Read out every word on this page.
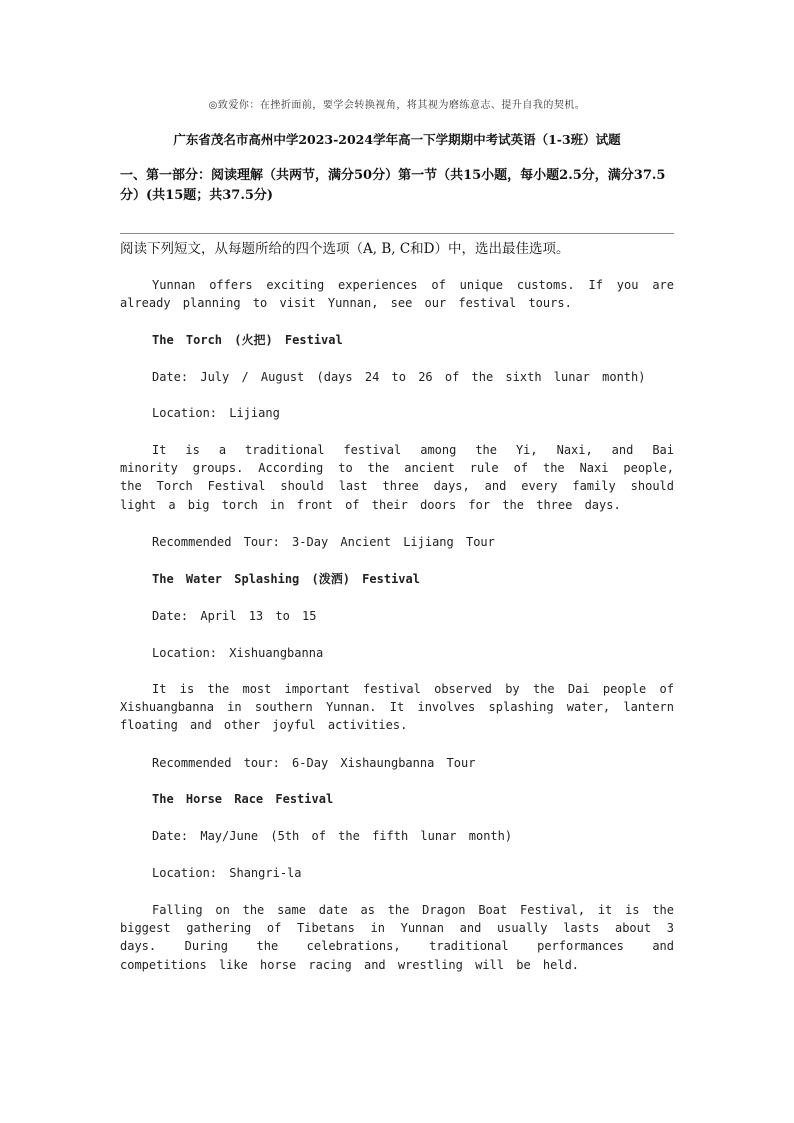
◎致爱你：在挫折面前，要学会转换视角，将其视为磨练意志、提升自我的契机。
广东省茂名市高州中学2023-2024学年高一下学期期中考试英语（1-3班）试题
一、第一部分：阅读理解（共两节，满分50分）第一节（共15小题，每小题2.5分，满分37.5分）(共15题；共37.5分)
阅读下列短文，从每题所给的四个选项（A, B, C和D）中，选出最佳选项。

Yunnan offers exciting experiences of unique customs. If you are already planning to visit Yunnan, see our festival tours.

The Torch (火把) Festival

Date: July / August (days 24 to 26 of the sixth lunar month)

Location: Lijiang

It is a traditional festival among the Yi, Naxi, and Bai minority groups. According to the ancient rule of the Naxi people, the Torch Festival should last three days, and every family should light a big torch in front of their doors for the three days.

Recommended Tour: 3-Day Ancient Lijiang Tour

The Water Splashing (泼洒) Festival

Date: April 13 to 15

Location: Xishuangbanna

It is the most important festival observed by the Dai people of Xishuangbanna in southern Yunnan. It involves splashing water, lantern floating and other joyful activities.

Recommended tour: 6-Day Xishaungbanna Tour

The Horse Race Festival

Date: May/June (5th of the fifth lunar month)

Location: Shangri-la

Falling on the same date as the Dragon Boat Festival, it is the biggest gathering of Tibetans in Yunnan and usually lasts about 3 days. During the celebrations, traditional performances and competitions like horse racing and wrestling will be held.
